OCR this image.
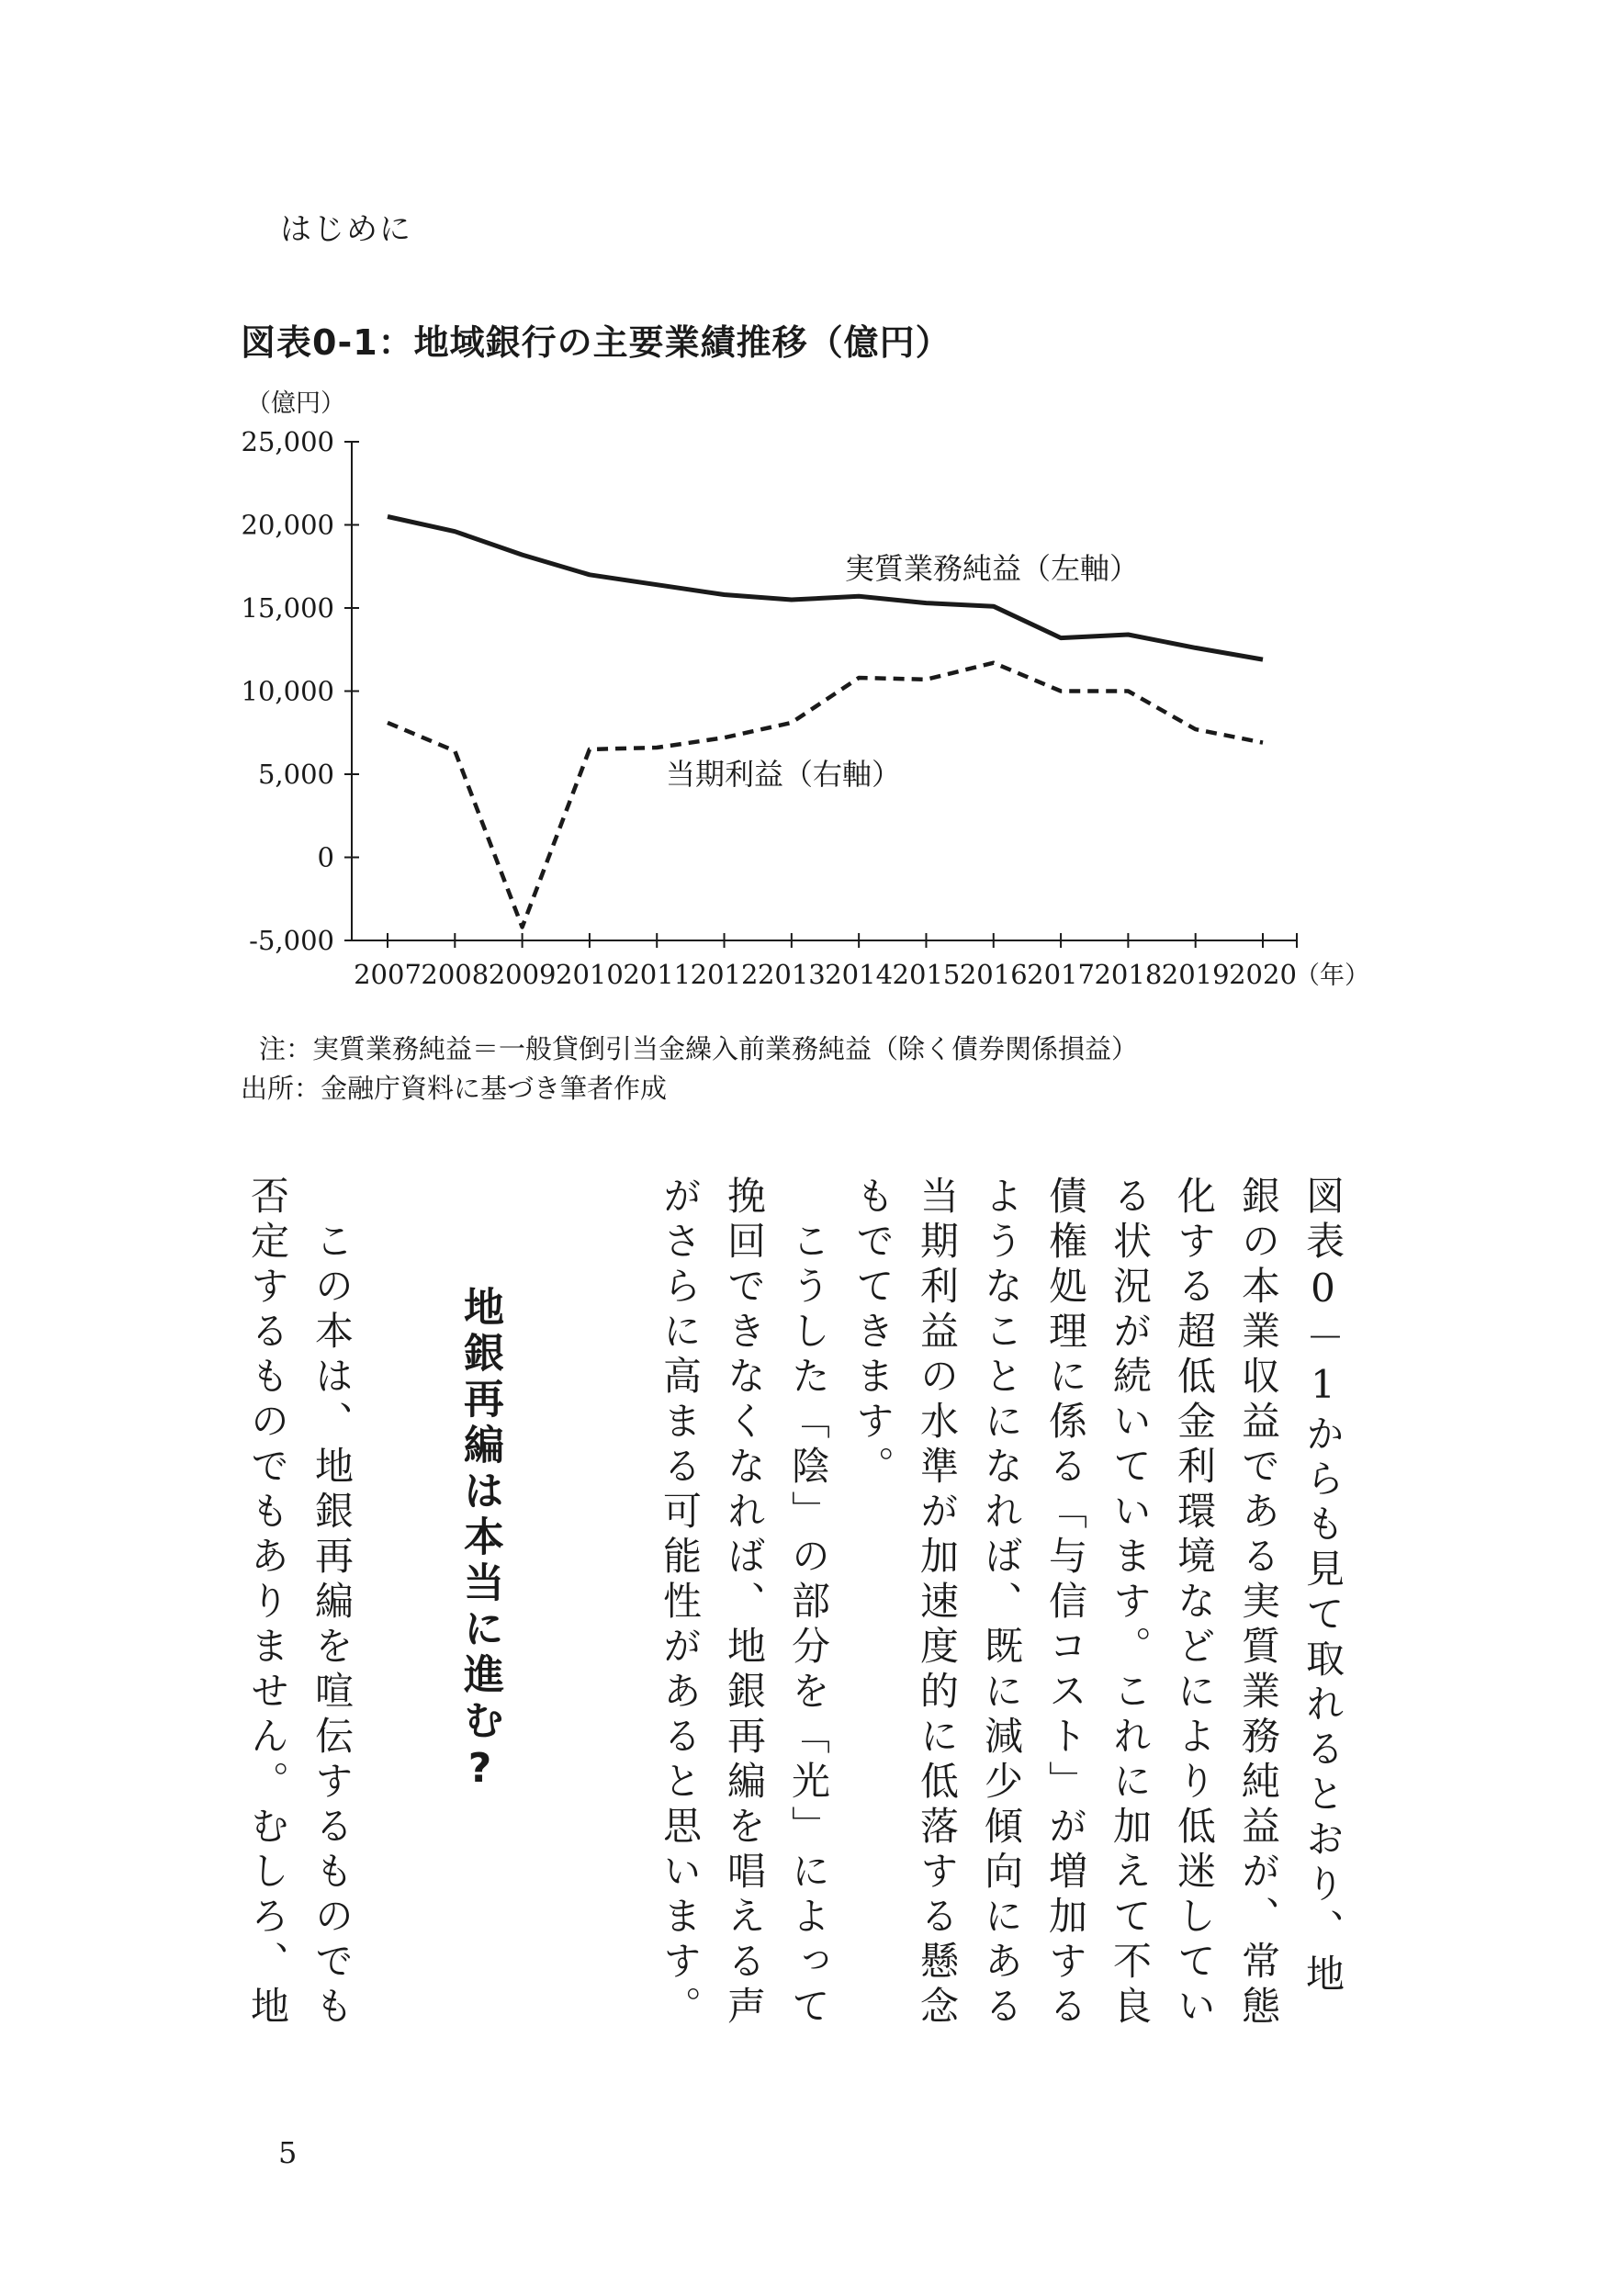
はじめに
図表0-1：地域銀行の主要業績推移（億円）
（億円）
25,000
20,000
15,000
10,000
5,000
0
-5,000
2007 2008 2009 2010 2011 2012 2013 2014 2015 2016 2017 2018 2019 2020
（年）
実質業務純益（左軸）
当期利益（右軸）
注：実質業務純益＝一般貸倒引当金繰入前業務純益（除く債券関係損益）
出所：金融庁資料に基づき筆者作成
図表0－1からも見て取れるとおり、地
銀の本業収益である実質業務純益が、常態
化する超低金利環境などにより低迷してい
る状況が続いています。これに加えて不良
債権処理に係る「与信コスト」が増加する
ようなことになれば、既に減少傾向にある
当期利益の水準が加速度的に低落する懸念
もでてきます。
　こうした「陰」の部分を「光」によって
挽回できなくなれば、地銀再編を唱える声
がさらに高まる可能性があると思います。
地銀再編は本当に進む?
　この本は、地銀再編を喧伝するものでも
否定するものでもありません。むしろ、地
5
